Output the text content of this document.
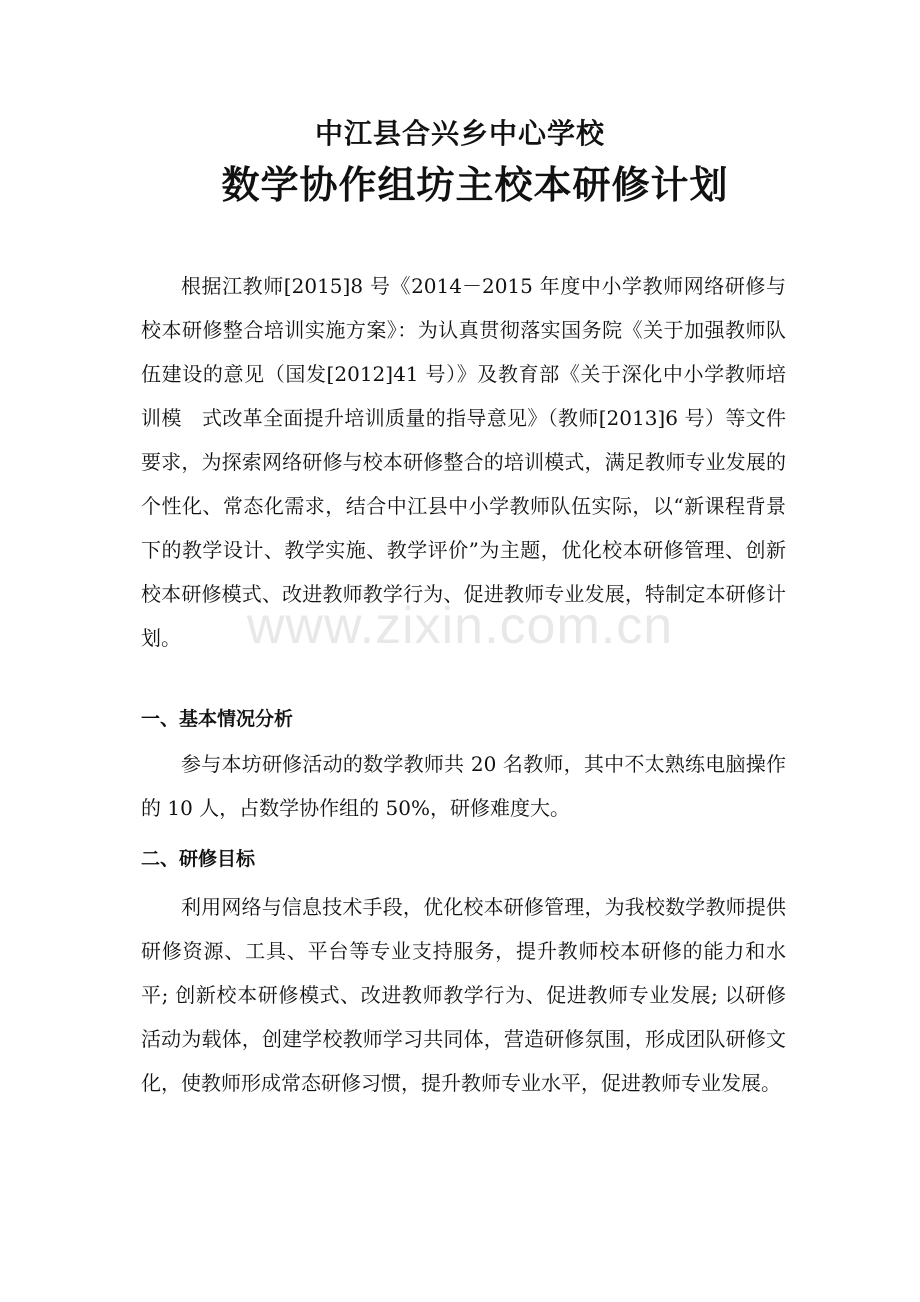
中江县合兴乡中心学校
数学协作组坊主校本研修计划

根据江教师[2015]8 号《2014－2015 年度中小学教师网络研修与校本研修整合培训实施方案》：为认真贯彻落实国务院《关于加强教师队伍建设的意见（国发[2012]41 号）》及教育部《关于深化中小学教师培训模　式改革全面提升培训质量的指导意见》（教师[2013]6 号）等文件要求，为探索网络研修与校本研修整合的培训模式，满足教师专业发展的个性化、常态化需求，结合中江县中小学教师队伍实际，以“新课程背景下的教学设计、教学实施、教学评价”为主题，优化校本研修管理、创新校本研修模式、改进教师教学行为、促进教师专业发展，特制定本研修计划。

一、基本情况分析

参与本坊研修活动的数学教师共 20 名教师，其中不太熟练电脑操作的 10 人，占数学协作组的 50%，研修难度大。

二、研修目标

利用网络与信息技术手段，优化校本研修管理，为我校数学教师提供研修资源、工具、平台等专业支持服务，提升教师校本研修的能力和水平; 创新校本研修模式、改进教师教学行为、促进教师专业发展; 以研修活动为载体，创建学校教师学习共同体，营造研修氛围，形成团队研修文化，使教师形成常态研修习惯，提升教师专业水平，促进教师专业发展。

www.zixin.com.cn
